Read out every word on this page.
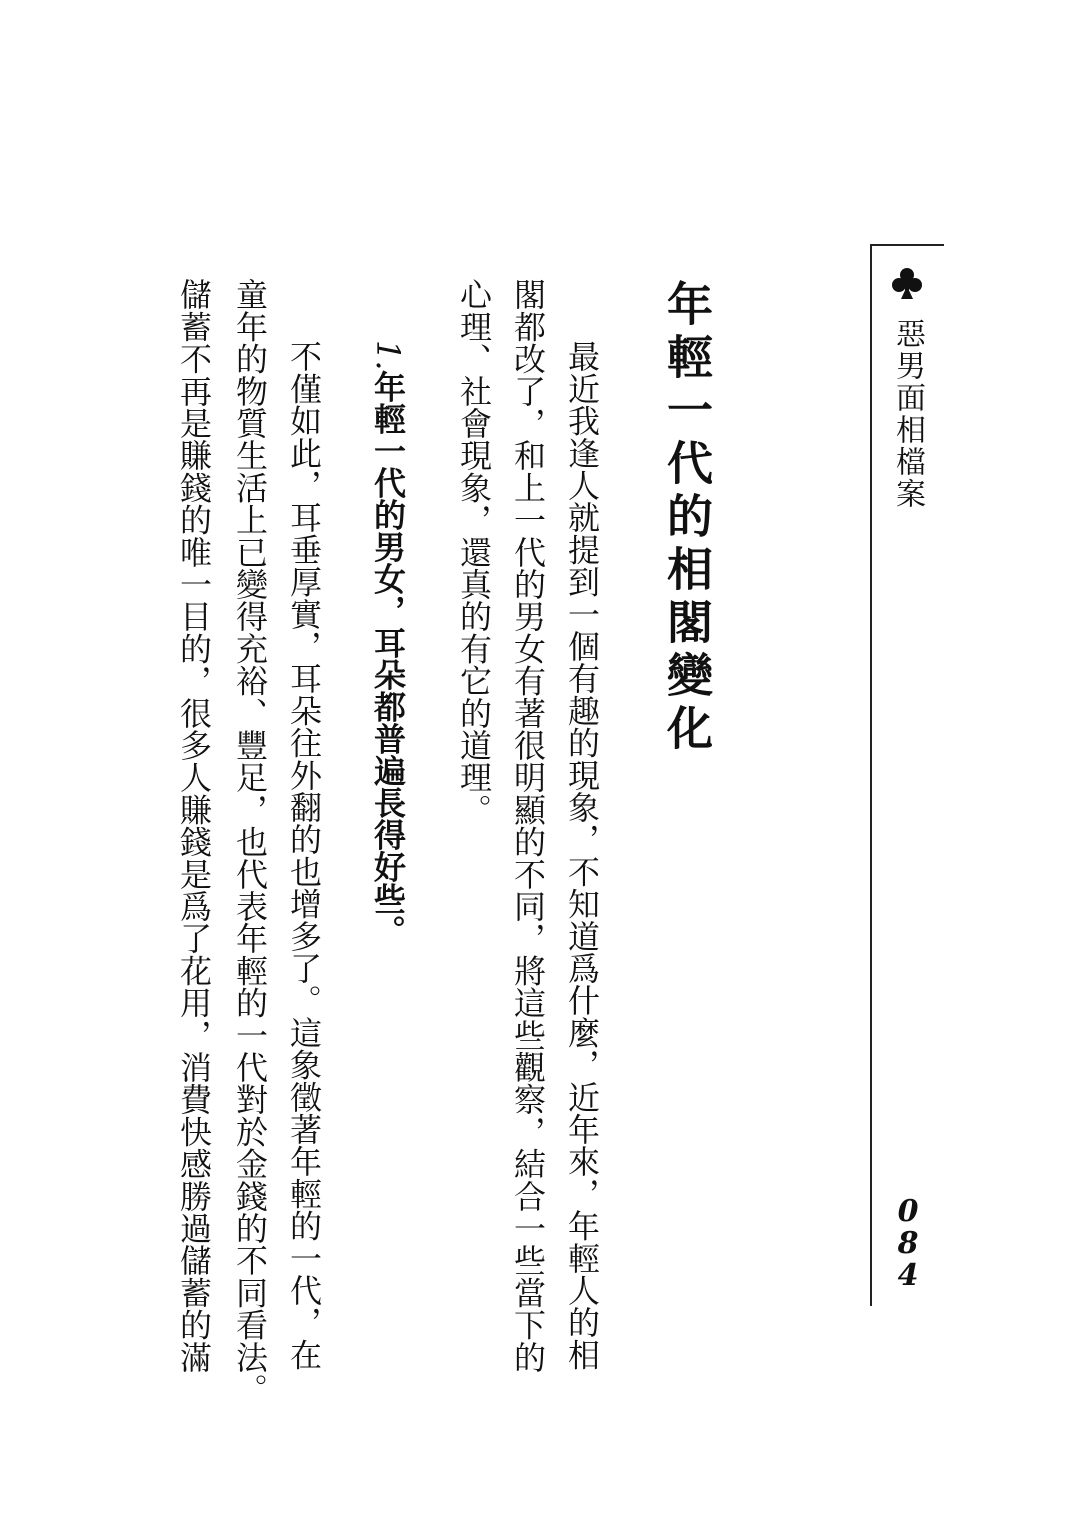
惡男面相檔案
0
8
4
年輕一代的相閣變化
最近我逢人就提到一個有趣的現象，不知道爲什麼，近年來，年輕人的相
閣都改了，和上一代的男女有著很明顯的不同，將這些觀察，結合一些當下的
心理、社會現象，還真的有它的道理。
1.年輕一代的男女，耳朵都普遍長得好些。
不僅如此，耳垂厚實，耳朵往外翻的也增多了。這象徵著年輕的一代，在
童年的物質生活上已變得充裕、豐足，也代表年輕的一代對於金錢的不同看法。
儲蓄不再是賺錢的唯一目的，很多人賺錢是爲了花用，消費快感勝過儲蓄的滿
